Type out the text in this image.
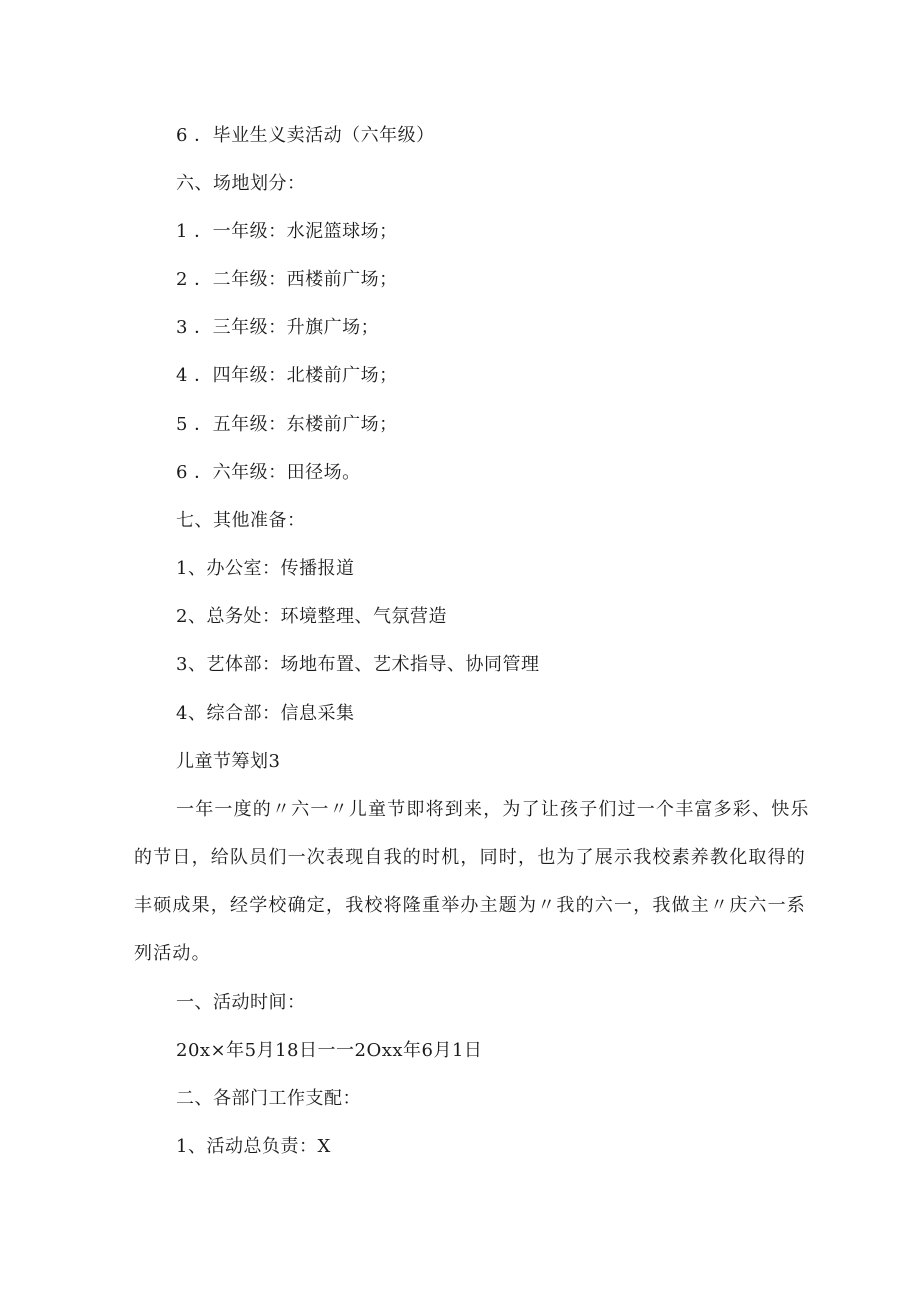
6 ．毕业生义卖活动（六年级）
六、场地划分：
1 ．一年级：水泥篮球场；
2 ．二年级：西楼前广场；
3 ．三年级：升旗广场；
4 ．四年级：北楼前广场；
5 ．五年级：东楼前广场；
6 ．六年级：田径场。
七、其他准备：
1、办公室：传播报道
2、总务处：环境整理、气氛营造
3、艺体部：场地布置、艺术指导、协同管理
4、综合部：信息采集
儿童节筹划3
一年一度的〃六一〃儿童节即将到来，为了让孩子们过一个丰富多彩、快乐
的节日，给队员们一次表现自我的时机，同时，也为了展示我校素养教化取得的
丰硕成果，经学校确定，我校将隆重举办主题为〃我的六一，我做主〃庆六一系
列活动。
一、活动时间：
20x×年5月18日一一2Oxx年6月1日
二、各部门工作支配：
1、活动总负责：X
